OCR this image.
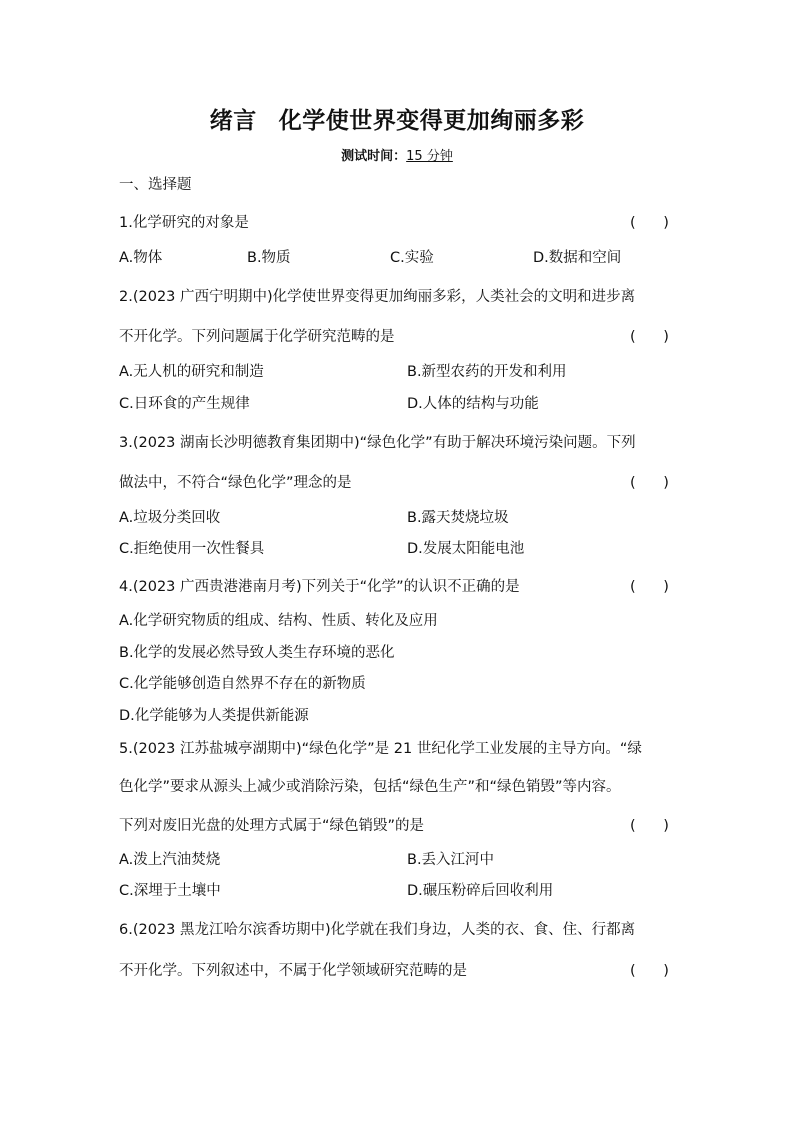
绪言 化学使世界变得更加绚丽多彩
测试时间：15 分钟
一、选择题
1.化学研究的对象是	(      )
A.物体	B.物质	C.实验	D.数据和空间
2.(2023 广西宁明期中)化学使世界变得更加绚丽多彩，人类社会的文明和进步离
不开化学。下列问题属于化学研究范畴的是	(      )
A.无人机的研究和制造	B.新型农药的开发和利用
C.日环食的产生规律	D.人体的结构与功能
3.(2023 湖南长沙明德教育集团期中)“绿色化学”有助于解决环境污染问题。下列
做法中，不符合“绿色化学”理念的是	(      )
A.垃圾分类回收	B.露天焚烧垃圾
C.拒绝使用一次性餐具	D.发展太阳能电池
4.(2023 广西贵港港南月考)下列关于“化学”的认识不正确的是	(      )
A.化学研究物质的组成、结构、性质、转化及应用
B.化学的发展必然导致人类生存环境的恶化
C.化学能够创造自然界不存在的新物质
D.化学能够为人类提供新能源
5.(2023 江苏盐城亭湖期中)“绿色化学”是 21 世纪化学工业发展的主导方向。“绿
色化学”要求从源头上减少或消除污染，包括“绿色生产”和“绿色销毁”等内容。
下列对废旧光盘的处理方式属于“绿色销毁”的是	(      )
A.泼上汽油焚烧	B.丢入江河中
C.深埋于土壤中	D.碾压粉碎后回收利用
6.(2023 黑龙江哈尔滨香坊期中)化学就在我们身边，人类的衣、食、住、行都离
不开化学。下列叙述中，不属于化学领域研究范畴的是	(      )
